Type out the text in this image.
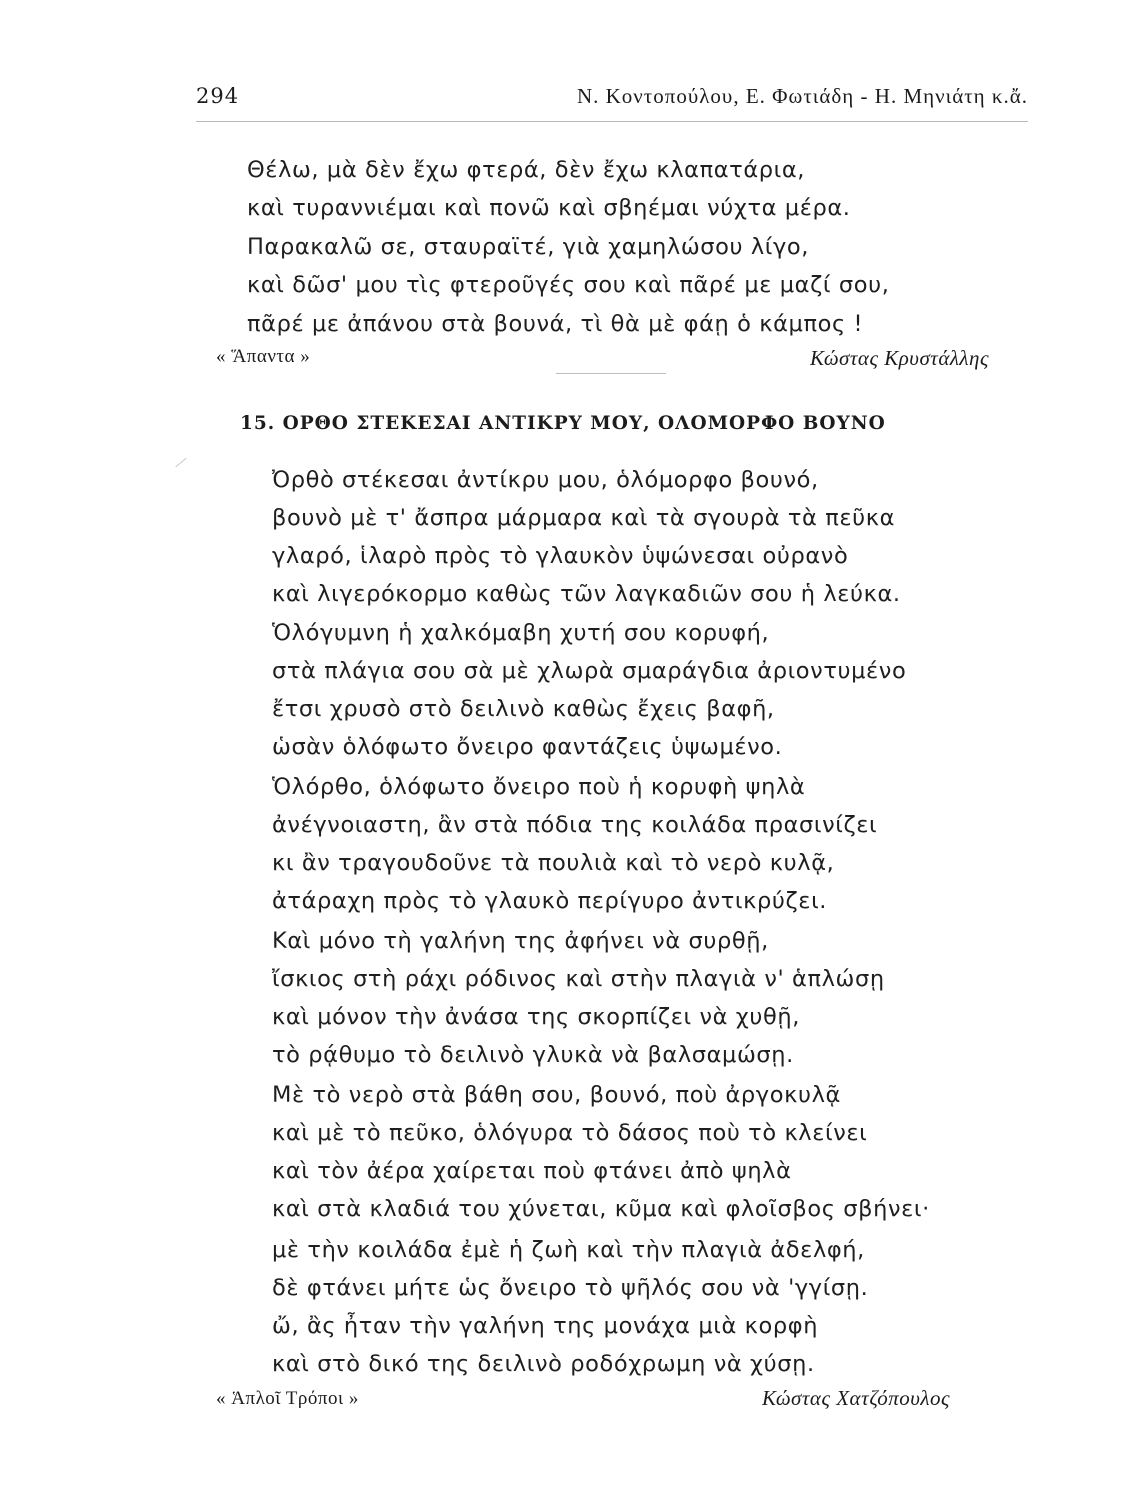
294	Ν. Κοντοπούλου, Ε. Φωτιάδη - Η. Μηνιάτη κ.ἄ.
Θέλω, μὰ δὲν ἔχω φτερά, δὲν ἔχω κλαπατάρια,
καὶ τυραννιέμαι καὶ πονῶ καὶ σβηέμαι νύχτα μέρα.
Παρακαλῶ σε, σταυραϊτέ, γιὰ χαμηλώσου λίγο,
καὶ δῶσ' μου τὶς φτεροῦγές σου καὶ πᾶρέ με μαζί σου,
πᾶρέ με ἀπάνου στὰ βουνά, τὶ θὰ μὲ φάῃ ὁ κάμπος !
« Ἅπαντα »	Κώστας Κρυστάλλης
15. ΟΡΘΟ ΣΤΕΚΕΣΑΙ ΑΝΤΙΚΡΥ ΜΟΥ, ΟΛΟΜΟΡΦΟ ΒΟΥΝΟ
Ὀρθὸ στέκεσαι ἀντίκρυ μου, ὁλόμορφο βουνό,
βουνὸ μὲ τ' ἄσπρα μάρμαρα καὶ τὰ σγουρὰ τὰ πεῦκα
γλαρό, ἱλαρὸ πρὸς τὸ γλαυκὸν ὑψώνεσαι οὐρανὸ
καὶ λιγερόκορμο καθὼς τῶν λαγκαδιῶν σου ἡ λεύκα.
Ὁλόγυμνη ἡ χαλκόμαβη χυτή σου κορυφή,
στὰ πλάγια σου σὰ μὲ χλωρὰ σμαράγδια ἀριοντυμένο
ἔτσι χρυσὸ στὸ δειλινὸ καθὼς ἔχεις βαφῆ,
ὡσὰν ὁλόφωτο ὄνειρο φαντάζεις ὑψωμένο.
Ὁλόρθο, ὁλόφωτο ὄνειρο ποὺ ἡ κορυφὴ ψηλὰ
ἀνέγνοιαστη, ἂν στὰ πόδια της κοιλάδα πρασινίζει
κι ἂν τραγουδοῦνε τὰ πουλιὰ καὶ τὸ νερὸ κυλᾷ,
ἀτάραχη πρὸς τὸ γλαυκὸ περίγυρο ἀντικρύζει.
Καὶ μόνο τὴ γαλήνη της ἀφήνει νὰ συρθῇ,
ἴσκιος στὴ ράχι ρόδινος καὶ στὴν πλαγιὰ ν' ἁπλώσῃ
καὶ μόνον τὴν ἀνάσα της σκορπίζει νὰ χυθῇ,
τὸ ρᾴθυμο τὸ δειλινὸ γλυκὰ νὰ βαλσαμώσῃ.
Μὲ τὸ νερὸ στὰ βάθη σου, βουνό, ποὺ ἀργοκυλᾷ
καὶ μὲ τὸ πεῦκο, ὁλόγυρα τὸ δάσος ποὺ τὸ κλείνει
καὶ τὸν ἀέρα χαίρεται ποὺ φτάνει ἀπὸ ψηλὰ
καὶ στὰ κλαδιά του χύνεται, κῦμα καὶ φλοῖσβος σβήνει·
μὲ τὴν κοιλάδα ἐμὲ ἡ ζωὴ καὶ τὴν πλαγιὰ ἀδελφή,
δὲ φτάνει μήτε ὡς ὄνειρο τὸ ψῆλός σου νὰ 'γγίσῃ.
ὤ, ἂς ἦταν τὴν γαλήνη της μονάχα μιὰ κορφὴ
καὶ στὸ δικό της δειλινὸ ροδόχρωμη νὰ χύσῃ.
« Ἁπλοῖ Τρόποι »	Κώστας Χατζόπουλος
